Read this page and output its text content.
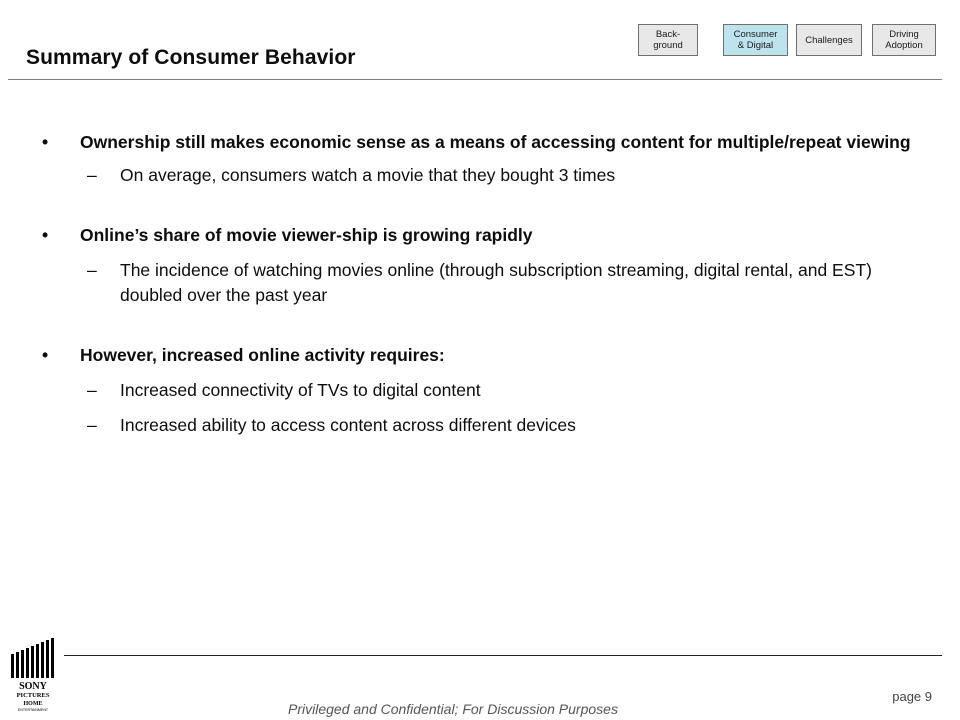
Summary of Consumer Behavior
Back-
ground
Consumer
& Digital	Challenges	Driving
Adoption
• Ownership still makes economic sense as a means of accessing content for multiple/repeat viewing
– On average, consumers watch a movie that they bought 3 times
• Online’s share of movie viewer-ship is growing rapidly
– The incidence of watching movies online (through subscription streaming, digital rental, and EST) doubled over the past year
• However, increased online activity requires:
– Increased connectivity of TVs to digital content
– Increased ability to access content across different devices
SONY
PICTURES
HOME
ENTERTAINMENT
page 9
Privileged and Confidential; For Discussion Purposes
